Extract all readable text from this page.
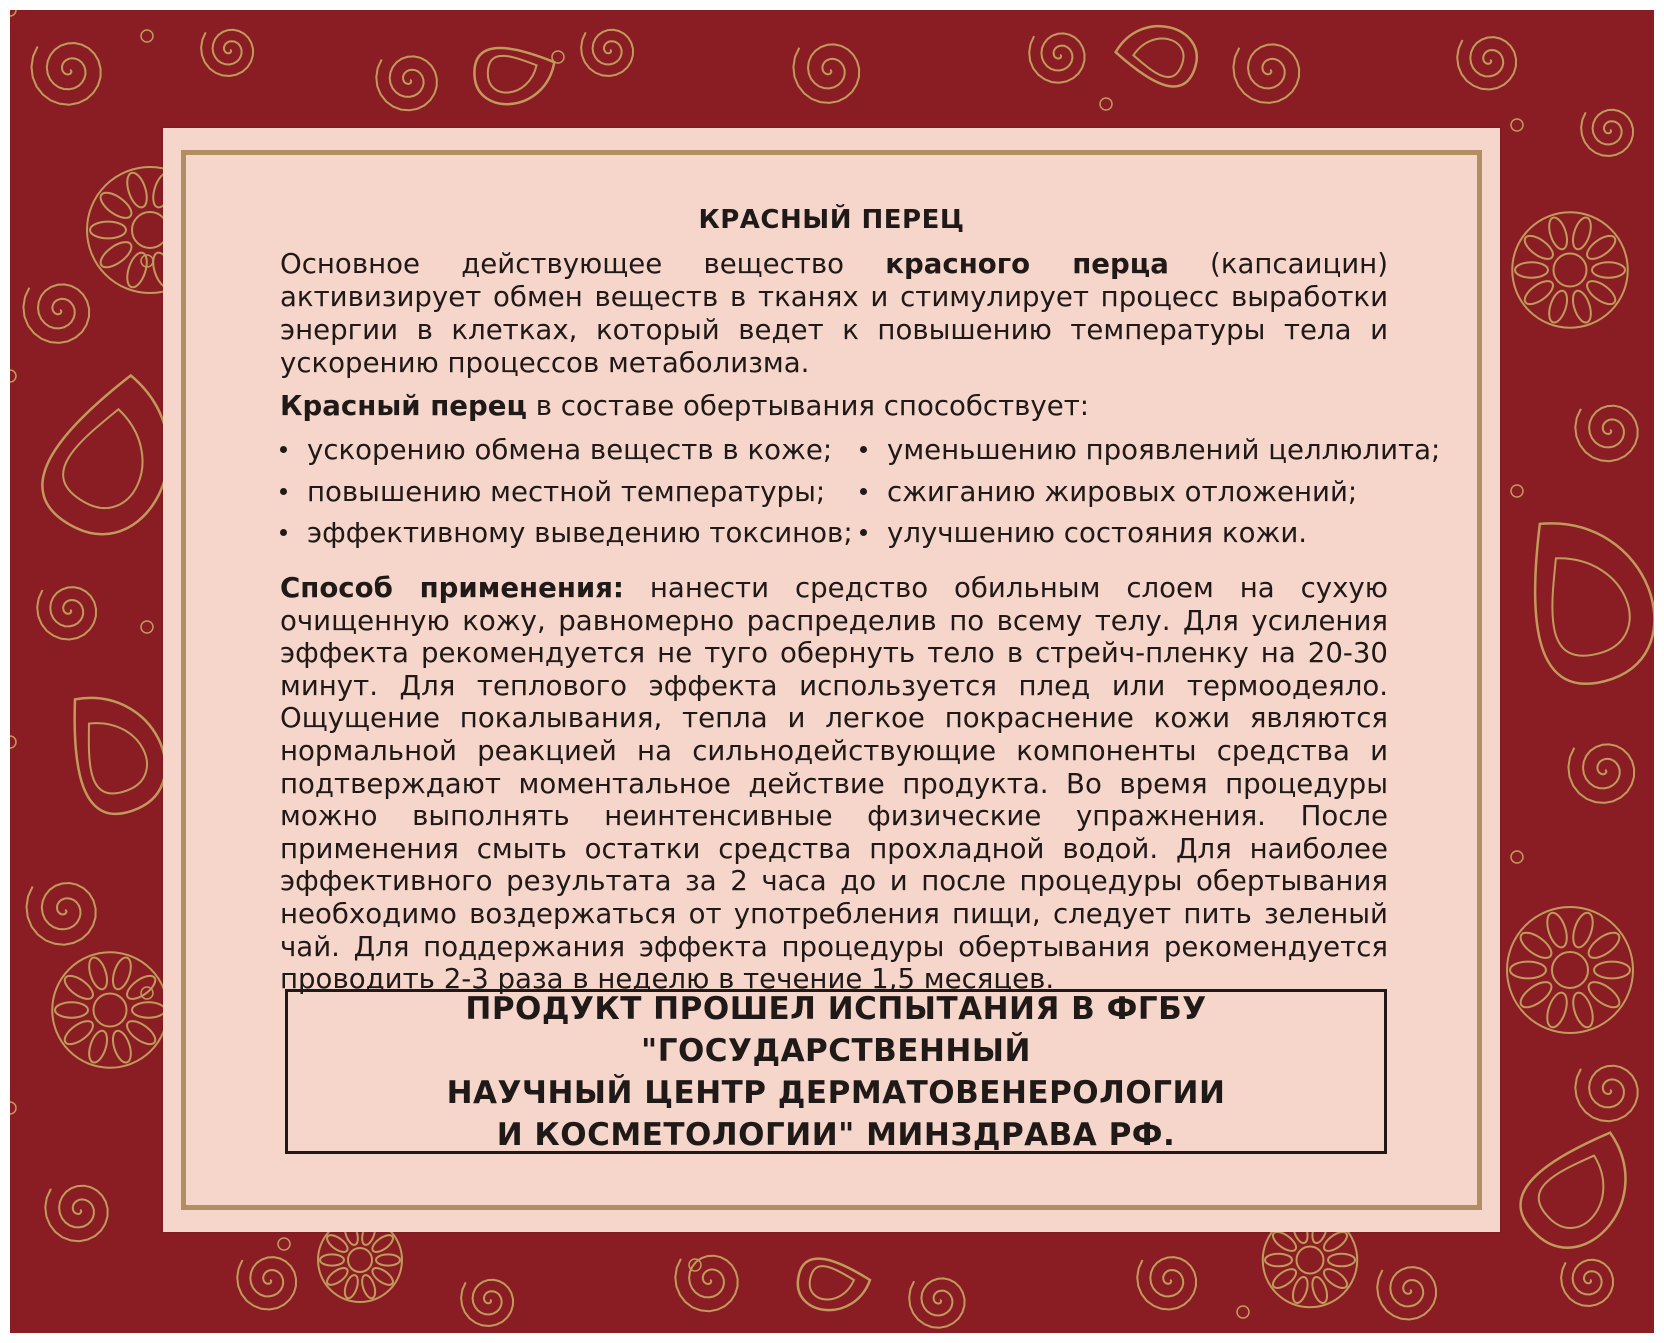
КРАСНЫЙ ПЕРЕЦ
Основное действующее вещество красного перца (капсаицин) активизирует обмен веществ в тканях и стимулирует процесс выработки энергии в клетках, который ведет к повышению температуры тела и ускорению процессов метаболизма.
Красный перец в составе обертывания способствует:
ускорению обмена веществ в коже;
повышению местной температуры;
эффективному выведению токсинов;
уменьшению проявлений целлюлита;
сжиганию жировых отложений;
улучшению состояния кожи.
Способ применения: нанести средство обильным слоем на сухую очищенную кожу, равномерно распределив по всему телу. Для усиления эффекта рекомендуется не туго обернуть тело в стрейч-пленку на 20-30 минут. Для теплового эффекта используется плед или термоодеяло. Ощущение покалывания, тепла и легкое покраснение кожи являются нормальной реакцией на сильнодействующие компоненты средства и подтверждают моментальное действие продукта. Во время процедуры можно выполнять неинтенсивные физические упражнения. После применения смыть остатки средства прохладной водой. Для наиболее эффективного результата за 2 часа до и после процедуры обертывания необходимо воздержаться от употребления пищи, следует пить зеленый чай. Для поддержания эффекта процедуры обертывания рекомендуется проводить 2-3 раза в неделю в течение 1,5 месяцев.
ПРОДУКТ ПРОШЕЛ ИСПЫТАНИЯ В ФГБУ "ГОСУДАРСТВЕННЫЙ
НАУЧНЫЙ ЦЕНТР ДЕРМАТОВЕНЕРОЛОГИИ
И КОСМЕТОЛОГИИ" МИНЗДРАВА РФ.
